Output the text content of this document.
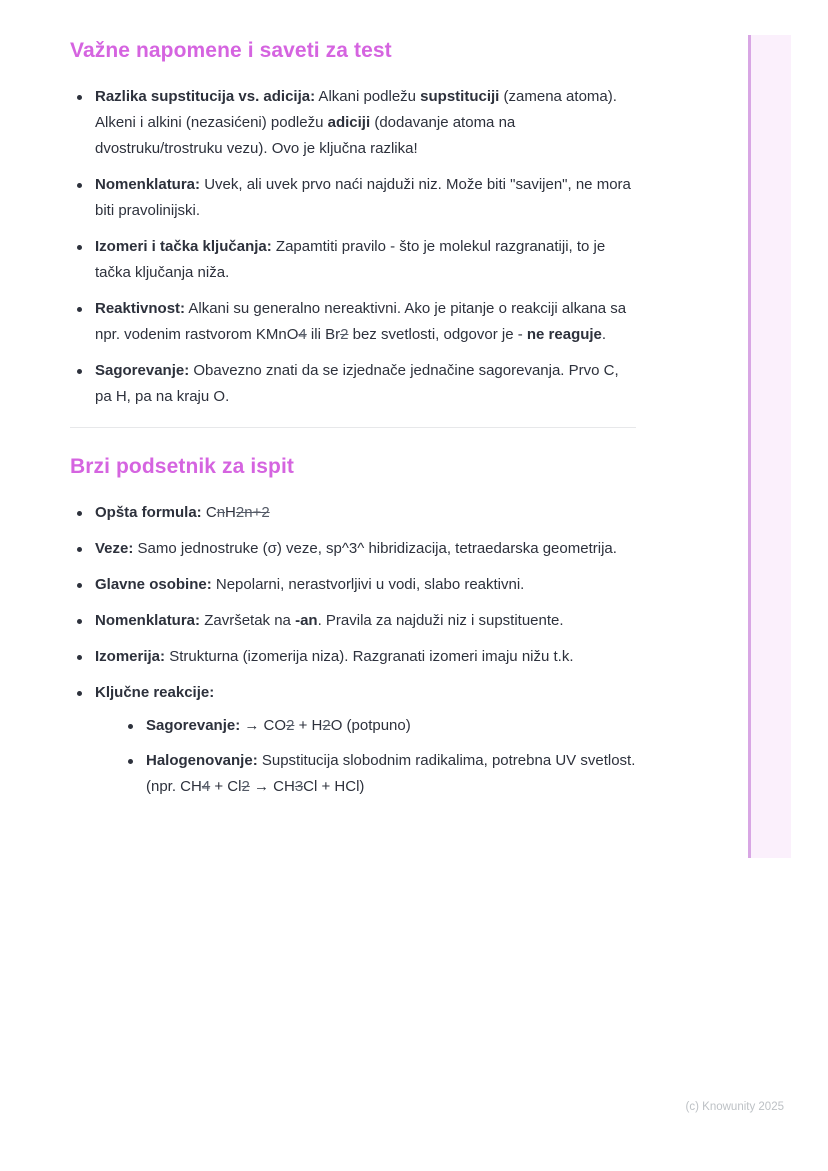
Važne napomene i saveti za test
Razlika supstitucija vs. adicija: Alkani podležu supstituciji (zamena atoma). Alkeni i alkini (nezasićeni) podležu adiciji (dodavanje atoma na dvostruku/trostruku vezu). Ovo je ključna razlika!
Nomenklatura: Uvek, ali uvek prvo naći najduži niz. Može biti "savijen", ne mora biti pravolinijski.
Izomeri i tačka ključanja: Zapamtiti pravilo - što je molekul razgranatiji, to je tačka ključanja niža.
Reaktivnost: Alkani su generalno nereaktivni. Ako je pitanje o reakciji alkana sa npr. vodenim rastvorom KMnO4 ili Br2 bez svetlosti, odgovor je - ne reaguje.
Sagorevanje: Obavezno znati da se izjednače jednačine sagorevanja. Prvo C, pa H, pa na kraju O.
Brzi podsetnik za ispit
Opšta formula: CnH2n+2
Veze: Samo jednostruke (σ) veze, sp^3^ hibridizacija, tetraedarska geometrija.
Glavne osobine: Nepolarni, nerastvorljivi u vodi, slabo reaktivni.
Nomenklatura: Završetak na -an. Pravila za najduži niz i supstituente.
Izomerija: Strukturna (izomerija niza). Razgranati izomeri imaju nižu t.k.
Ključne reakcije:
Sagorevanje: → CO2 + H2O (potpuno)
Halogenovanje: Supstitucija slobodnim radikalima, potrebna UV svetlost. (npr. CH4 + Cl2 → CH3Cl + HCl)
(c) Knowunity 2025
